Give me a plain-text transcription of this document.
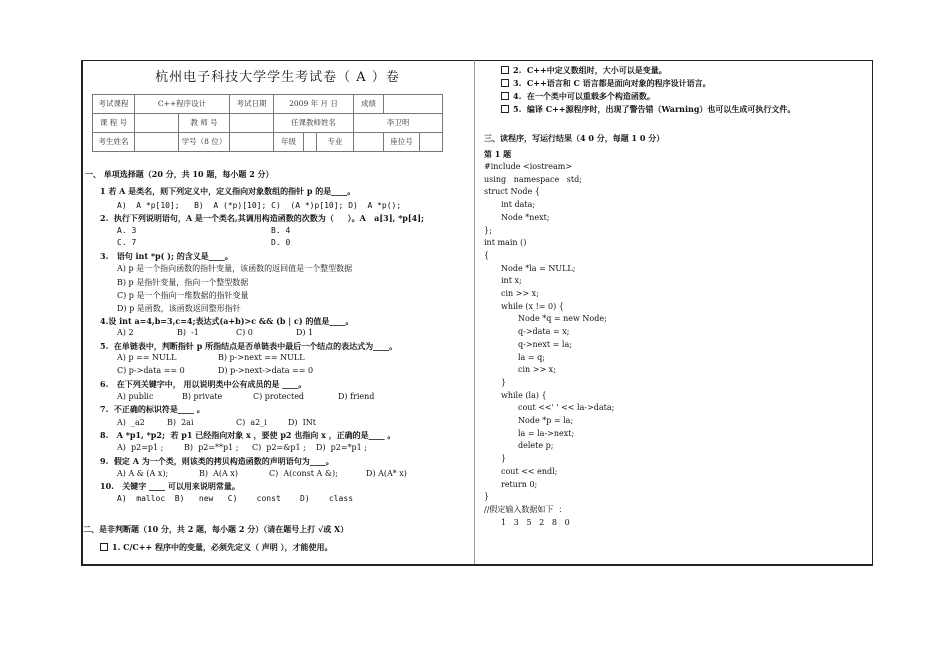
杭州电子科技大学学生考试卷（ A ）卷
考试课程	C++程序设计	考试日期	2009 年 月 日	成绩
课 程 号	教 师 号	任课教师姓名	李卫明
考生姓名	学号（8 位）	年级	专业	座位号
一、 单项选择题（20 分，共 10 题，每小题 2 分）
1 若 A 是类名，则下列定义中，定义指向对象数组的指针 p 的是____。
A)  A *p[10];   B)  A (*p)[10]; C)  (A *)p[10]; D)  A *p();
2.  执行下列说明语句，A 是一个类名,其调用构造函数的次数为（     ）。A   a[3], *p[4];
A. 3	B. 4
C. 7	D. 0
3.   语句 int *p( ); 的含义是____。
A) p 是一个指向函数的指针变量，该函数的返回值是一个整型数据
B) p 是指针变量，指向一个整型数据
C) p 是一个指向一维数据的指针变量
D) p 是函数，该函数返回整形指针
4.设 int a=4,b=3,c=4;表达式(a+b)>c && (b | c) 的值是____。
A) 2	B)  -1	C) 0	D) 1
5.  在单链表中，判断指针 p 所指结点是否单链表中最后一个结点的表达式为____。
A) p == NULL	B) p->next == NULL
C) p->data == 0	D) p->next->data == 0
6.   在下列关键字中， 用以说明类中公有成员的是 ____。
A) public	B) private	C) protected	D) friend
7.  不正确的标识符是____ 。
A)  _a2	B)  2ai	C)  a2_i	D)  INt
8.   A *p1, *p2;  若 p1 已经指向对象 x ，要使 p2 也指向 x ，正确的是____ 。
A)  p2=p1 ;	B)  p2=**p1 ; C)  p2=&p1 ; D)  p2=*p1 ;
9.  假定 A 为一个类，则该类的拷贝构造函数的声明语句为____。
A) A & (A x);	B)  A(A x)	C)  A(const A &);	D) A(A* x)
10.   关键字 ____ 可以用来说明常量。
A)  malloc  B)   new   C)    const    D)    class
二、是非判断题（10 分，共 2 题，每小题 2 分）（请在题号上打 √或 X）
1. C/C++ 程序中的变量，必须先定义（ 声明 ），才能使用。
2.  C++中定义数组时，大小可以是变量。
3.  C++语言和 C 语言都是面向对象的程序设计语言。
4.  在一个类中可以重载多个构造函数。
5.  编译 C++源程序时，出现了警告错（Warning）也可以生成可执行文件。
三、读程序，写运行结果（4 0 分，每题 1 0 分）
第 1 题
#include <iostream>
using   namespace   std;
struct Node {
int data;
Node *next;
};
int main ()
{
Node *la = NULL;
int x;
cin >> x;
while (x != 0) {
Node *q = new Node;
q->data = x;
q->next = la;
la = q;
cin >> x;
}
while (la) {
cout <<' ' << la->data;
Node *p = la;
la = la->next;
delete p;
}
cout << endl;
return 0;
}
//假定输入数据如下  ：
1   3   5   2   8   0
